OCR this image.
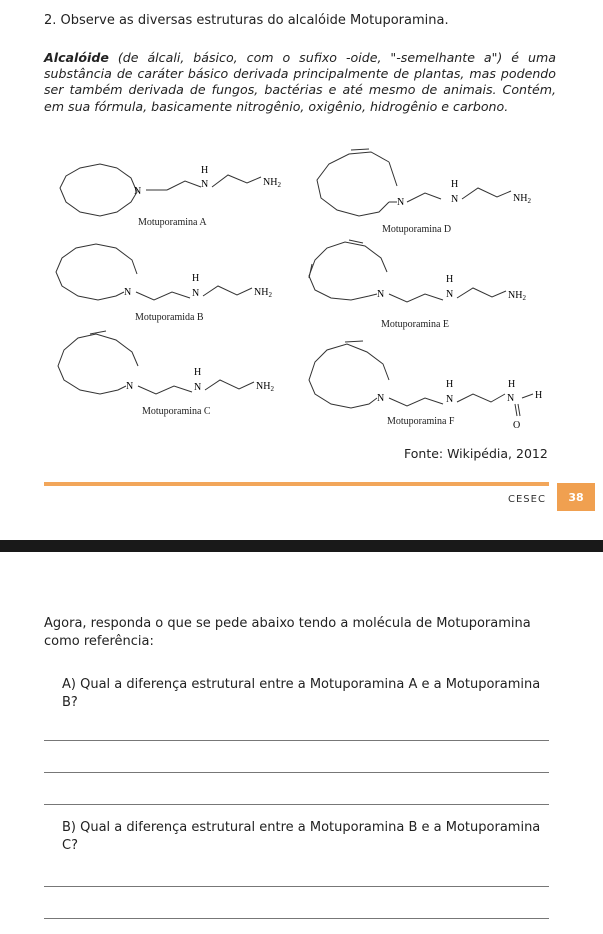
2. Observe as diversas estruturas do alcalóide Motuporamina.
Alcalóide (de álcali, básico, com o sufixo -oide, "-semelhante a") é uma substância de caráter básico derivada principalmente de plantas, mas podendo ser também derivada de fungos, bactérias e até mesmo de animais. Contém, em sua fórmula, basicamente nitrogênio, oxigênio, hidrogênio e carbono.
N
H
N	$NH_2$
Motuporamina A
N
H
N	$NH_2$
Motuporamina D
N
H
N	$NH_2$
Motuporamida B
N
H
N	$NH_2$
Motuporamina E
N
H
N	$NH_2$
Motuporamina C
N
H
N
H
N H
O
Motuporamina F
Fonte: Wikipédia, 2012
CESEC	38
Agora, responda o que se pede abaixo tendo a molécula de Motuporamina como referência:
A) Qual a diferença estrutural entre a Motuporamina A e a Motuporamina B?
B) Qual a diferença estrutural entre a Motuporamina B e a Motuporamina C?
